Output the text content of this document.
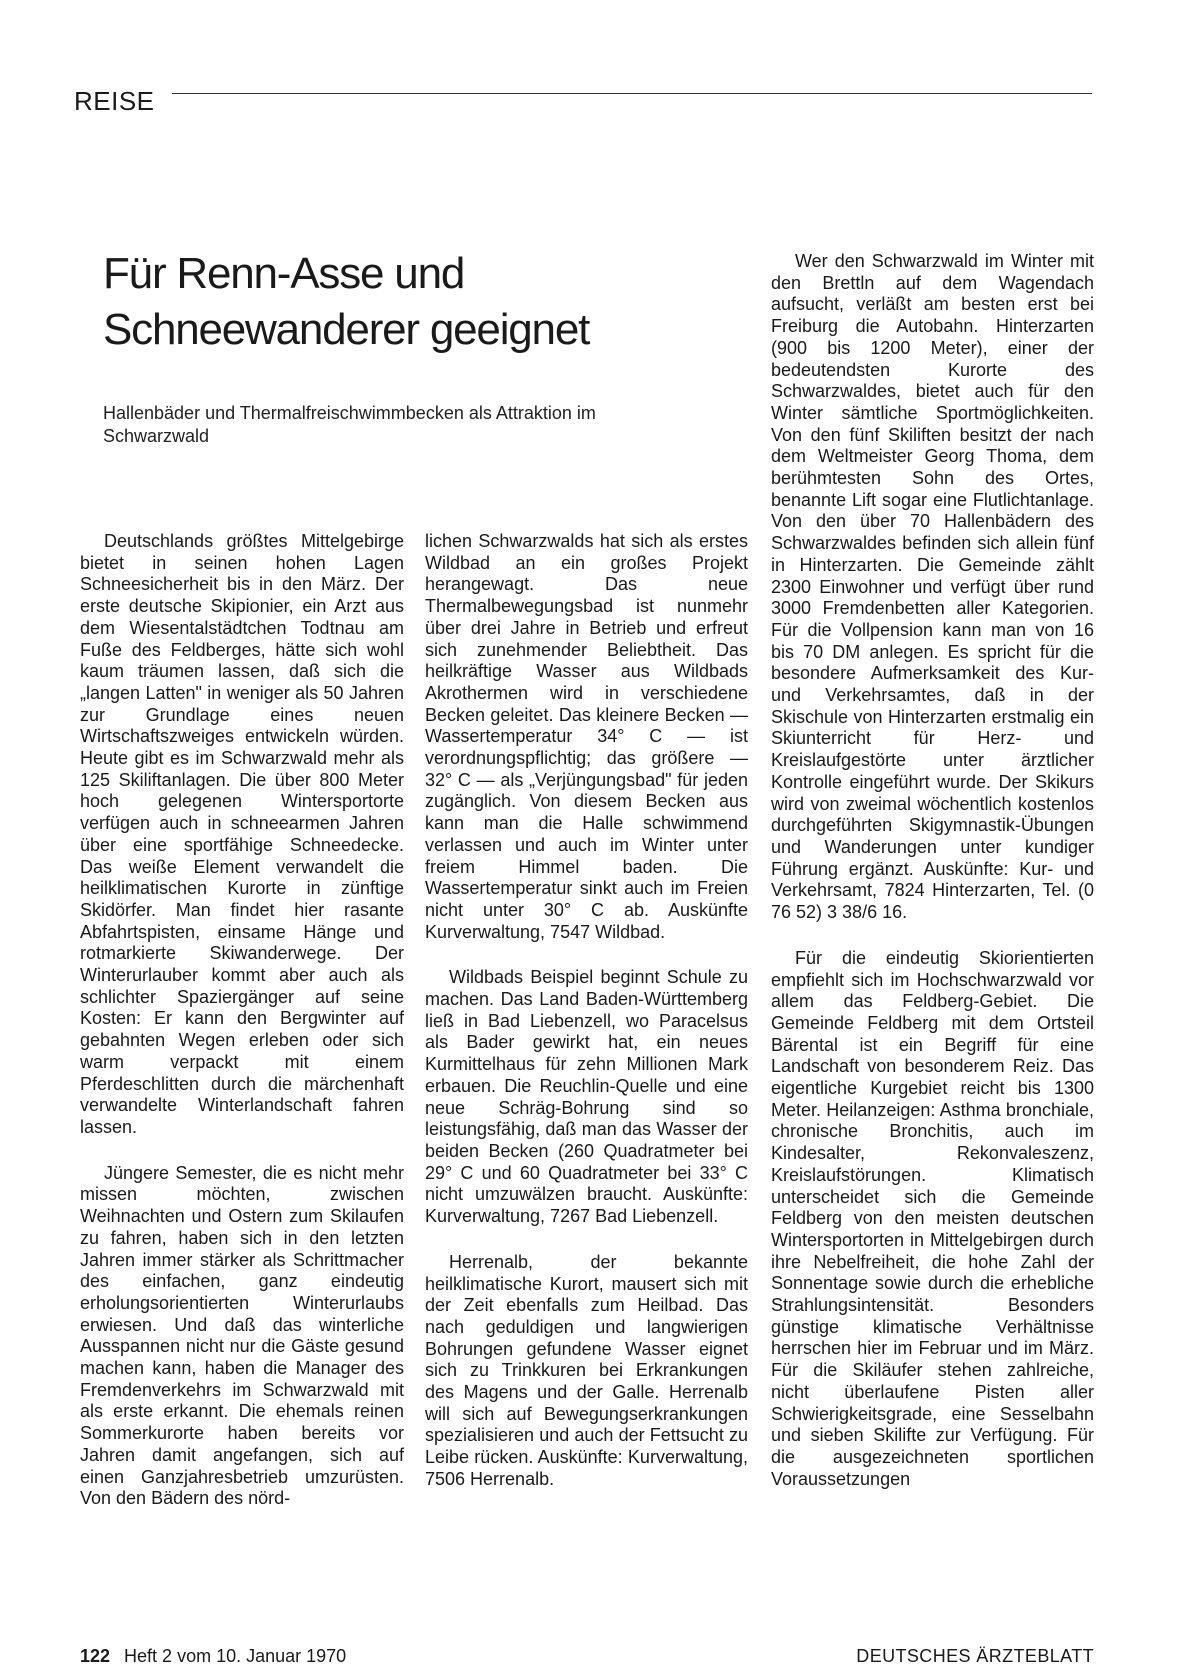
REISE
Für Renn-Asse und
Schneewanderer geeignet

Hallenbäder und Thermalfreischwimmbecken als Attraktion im Schwarzwald

Deutschlands größtes Mittelgebirge bietet in seinen hohen Lagen Schneesicherheit bis in den März. Der erste deutsche Skipionier, ein Arzt aus dem Wiesentalstädtchen Todtnau am Fuße des Feldberges, hätte sich wohl kaum träumen lassen, daß sich die „langen Latten" in weniger als 50 Jahren zur Grundlage eines neuen Wirtschaftszweiges entwickeln würden. Heute gibt es im Schwarzwald mehr als 125 Skiliftanlagen. Die über 800 Meter hoch gelegenen Wintersportorte verfügen auch in schneearmen Jahren über eine sportfähige Schneedecke. Das weiße Element verwandelt die heilklimatischen Kurorte in zünftige Skidörfer. Man findet hier rasante Abfahrtspisten, einsame Hänge und rotmarkierte Skiwanderwege. Der Winterurlauber kommt aber auch als schlichter Spaziergänger auf seine Kosten: Er kann den Bergwinter auf gebahnten Wegen erleben oder sich warm verpackt mit einem Pferdeschlitten durch die märchenhaft verwandelte Winterlandschaft fahren lassen.

Jüngere Semester, die es nicht mehr missen möchten, zwischen Weihnachten und Ostern zum Skilaufen zu fahren, haben sich in den letzten Jahren immer stärker als Schrittmacher des einfachen, ganz eindeutig erholungsorientierten Winterurlaubs erwiesen. Und daß das winterliche Ausspannen nicht nur die Gäste gesund machen kann, haben die Manager des Fremdenverkehrs im Schwarzwald mit als erste erkannt. Die ehemals reinen Sommerkurorte haben bereits vor Jahren damit angefangen, sich auf einen Ganzjahresbetrieb umzurüsten. Von den Bädern des nörd-

lichen Schwarzwalds hat sich als erstes Wildbad an ein großes Projekt herangewagt. Das neue Thermalbewegungsbad ist nunmehr über drei Jahre in Betrieb und erfreut sich zunehmender Beliebtheit. Das heilkräftige Wasser aus Wildbads Akrothermen wird in verschiedene Becken geleitet. Das kleinere Becken — Wassertemperatur 34° C — ist verordnungspflichtig; das größere — 32° C — als „Verjüngungsbad" für jeden zugänglich. Von diesem Becken aus kann man die Halle schwimmend verlassen und auch im Winter unter freiem Himmel baden. Die Wassertemperatur sinkt auch im Freien nicht unter 30° C ab. Auskünfte Kurverwaltung, 7547 Wildbad.

Wildbads Beispiel beginnt Schule zu machen. Das Land Baden-Württemberg ließ in Bad Liebenzell, wo Paracelsus als Bader gewirkt hat, ein neues Kurmittelhaus für zehn Millionen Mark erbauen. Die Reuchlin-Quelle und eine neue Schräg-Bohrung sind so leistungsfähig, daß man das Wasser der beiden Becken (260 Quadratmeter bei 29° C und 60 Quadratmeter bei 33° C nicht umzuwälzen braucht. Auskünfte: Kurverwaltung, 7267 Bad Liebenzell.

Herrenalb, der bekannte heilklimatische Kurort, mausert sich mit der Zeit ebenfalls zum Heilbad. Das nach geduldigen und langwierigen Bohrungen gefundene Wasser eignet sich zu Trinkkuren bei Erkrankungen des Magens und der Galle. Herrenalb will sich auf Bewegungserkrankungen spezialisieren und auch der Fettsucht zu Leibe rücken. Auskünfte: Kurverwaltung, 7506 Herrenalb.

Wer den Schwarzwald im Winter mit den Brettln auf dem Wagendach aufsucht, verläßt am besten erst bei Freiburg die Autobahn. Hinterzarten (900 bis 1200 Meter), einer der bedeutendsten Kurorte des Schwarzwaldes, bietet auch für den Winter sämtliche Sportmöglichkeiten. Von den fünf Skiliften besitzt der nach dem Weltmeister Georg Thoma, dem berühmtesten Sohn des Ortes, benannte Lift sogar eine Flutlichtanlage. Von den über 70 Hallenbädern des Schwarzwaldes befinden sich allein fünf in Hinterzarten. Die Gemeinde zählt 2300 Einwohner und verfügt über rund 3000 Fremdenbetten aller Kategorien. Für die Vollpension kann man von 16 bis 70 DM anlegen. Es spricht für die besondere Aufmerksamkeit des Kur- und Verkehrsamtes, daß in der Skischule von Hinterzarten erstmalig ein Skiunterricht für Herz- und Kreislaufgestörte unter ärztlicher Kontrolle eingeführt wurde. Der Skikurs wird von zweimal wöchentlich kostenlos durchgeführten Skigymnastik-Übungen und Wanderungen unter kundiger Führung ergänzt. Auskünfte: Kur- und Verkehrsamt, 7824 Hinterzarten, Tel. (0 76 52) 3 38/6 16.

Für die eindeutig Skiorientierten empfiehlt sich im Hochschwarzwald vor allem das Feldberg-Gebiet. Die Gemeinde Feldberg mit dem Ortsteil Bärental ist ein Begriff für eine Landschaft von besonderem Reiz. Das eigentliche Kurgebiet reicht bis 1300 Meter. Heilanzeigen: Asthma bronchiale, chronische Bronchitis, auch im Kindesalter, Rekonvaleszenz, Kreislaufstörungen. Klimatisch unterscheidet sich die Gemeinde Feldberg von den meisten deutschen Wintersportorten in Mittelgebirgen durch ihre Nebelfreiheit, die hohe Zahl der Sonnentage sowie durch die erhebliche Strahlungsintensität. Besonders günstige klimatische Verhältnisse herrschen hier im Februar und im März. Für die Skiläufer stehen zahlreiche, nicht überlaufene Pisten aller Schwierigkeitsgrade, eine Sesselbahn und sieben Skilifte zur Verfügung. Für die ausgezeichneten sportlichen Voraussetzungen

122 Heft 2 vom 10. Januar 1970	DEUTSCHES ÄRZTEBLATT
